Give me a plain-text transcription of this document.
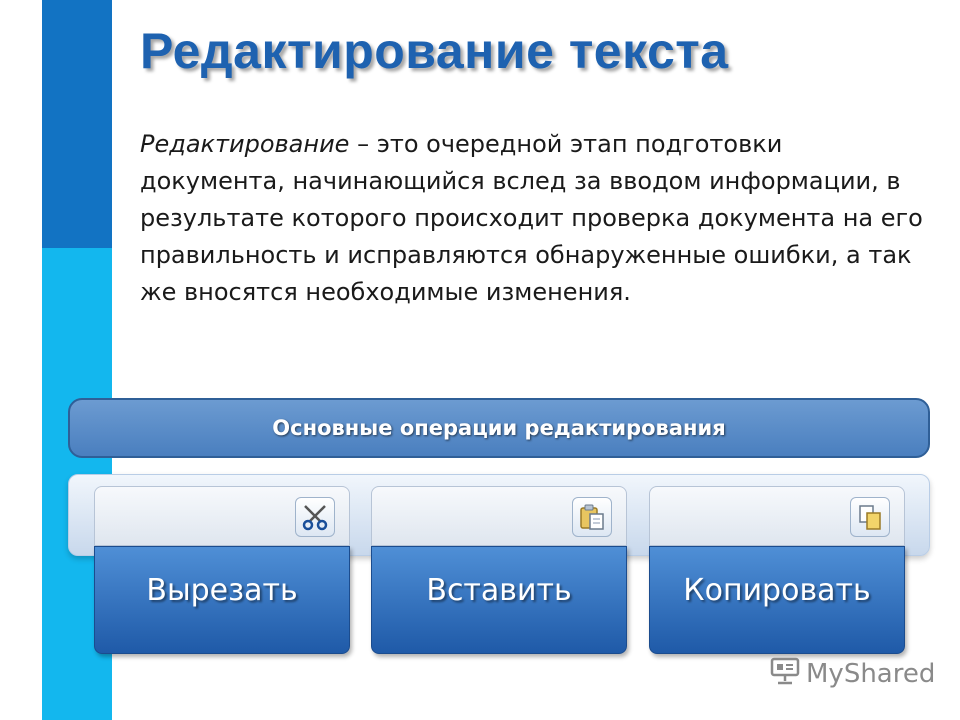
Редактирование текста

Редактирование – это очередной этап подготовки документа, начинающийся вслед за вводом информации, в результате которого происходит проверка документа на его правильность и исправляются обнаруженные ошибки, а так же вносятся необходимые изменения.

Основные операции редактирования
Вырезать	Вставить	Копировать
MyShared
